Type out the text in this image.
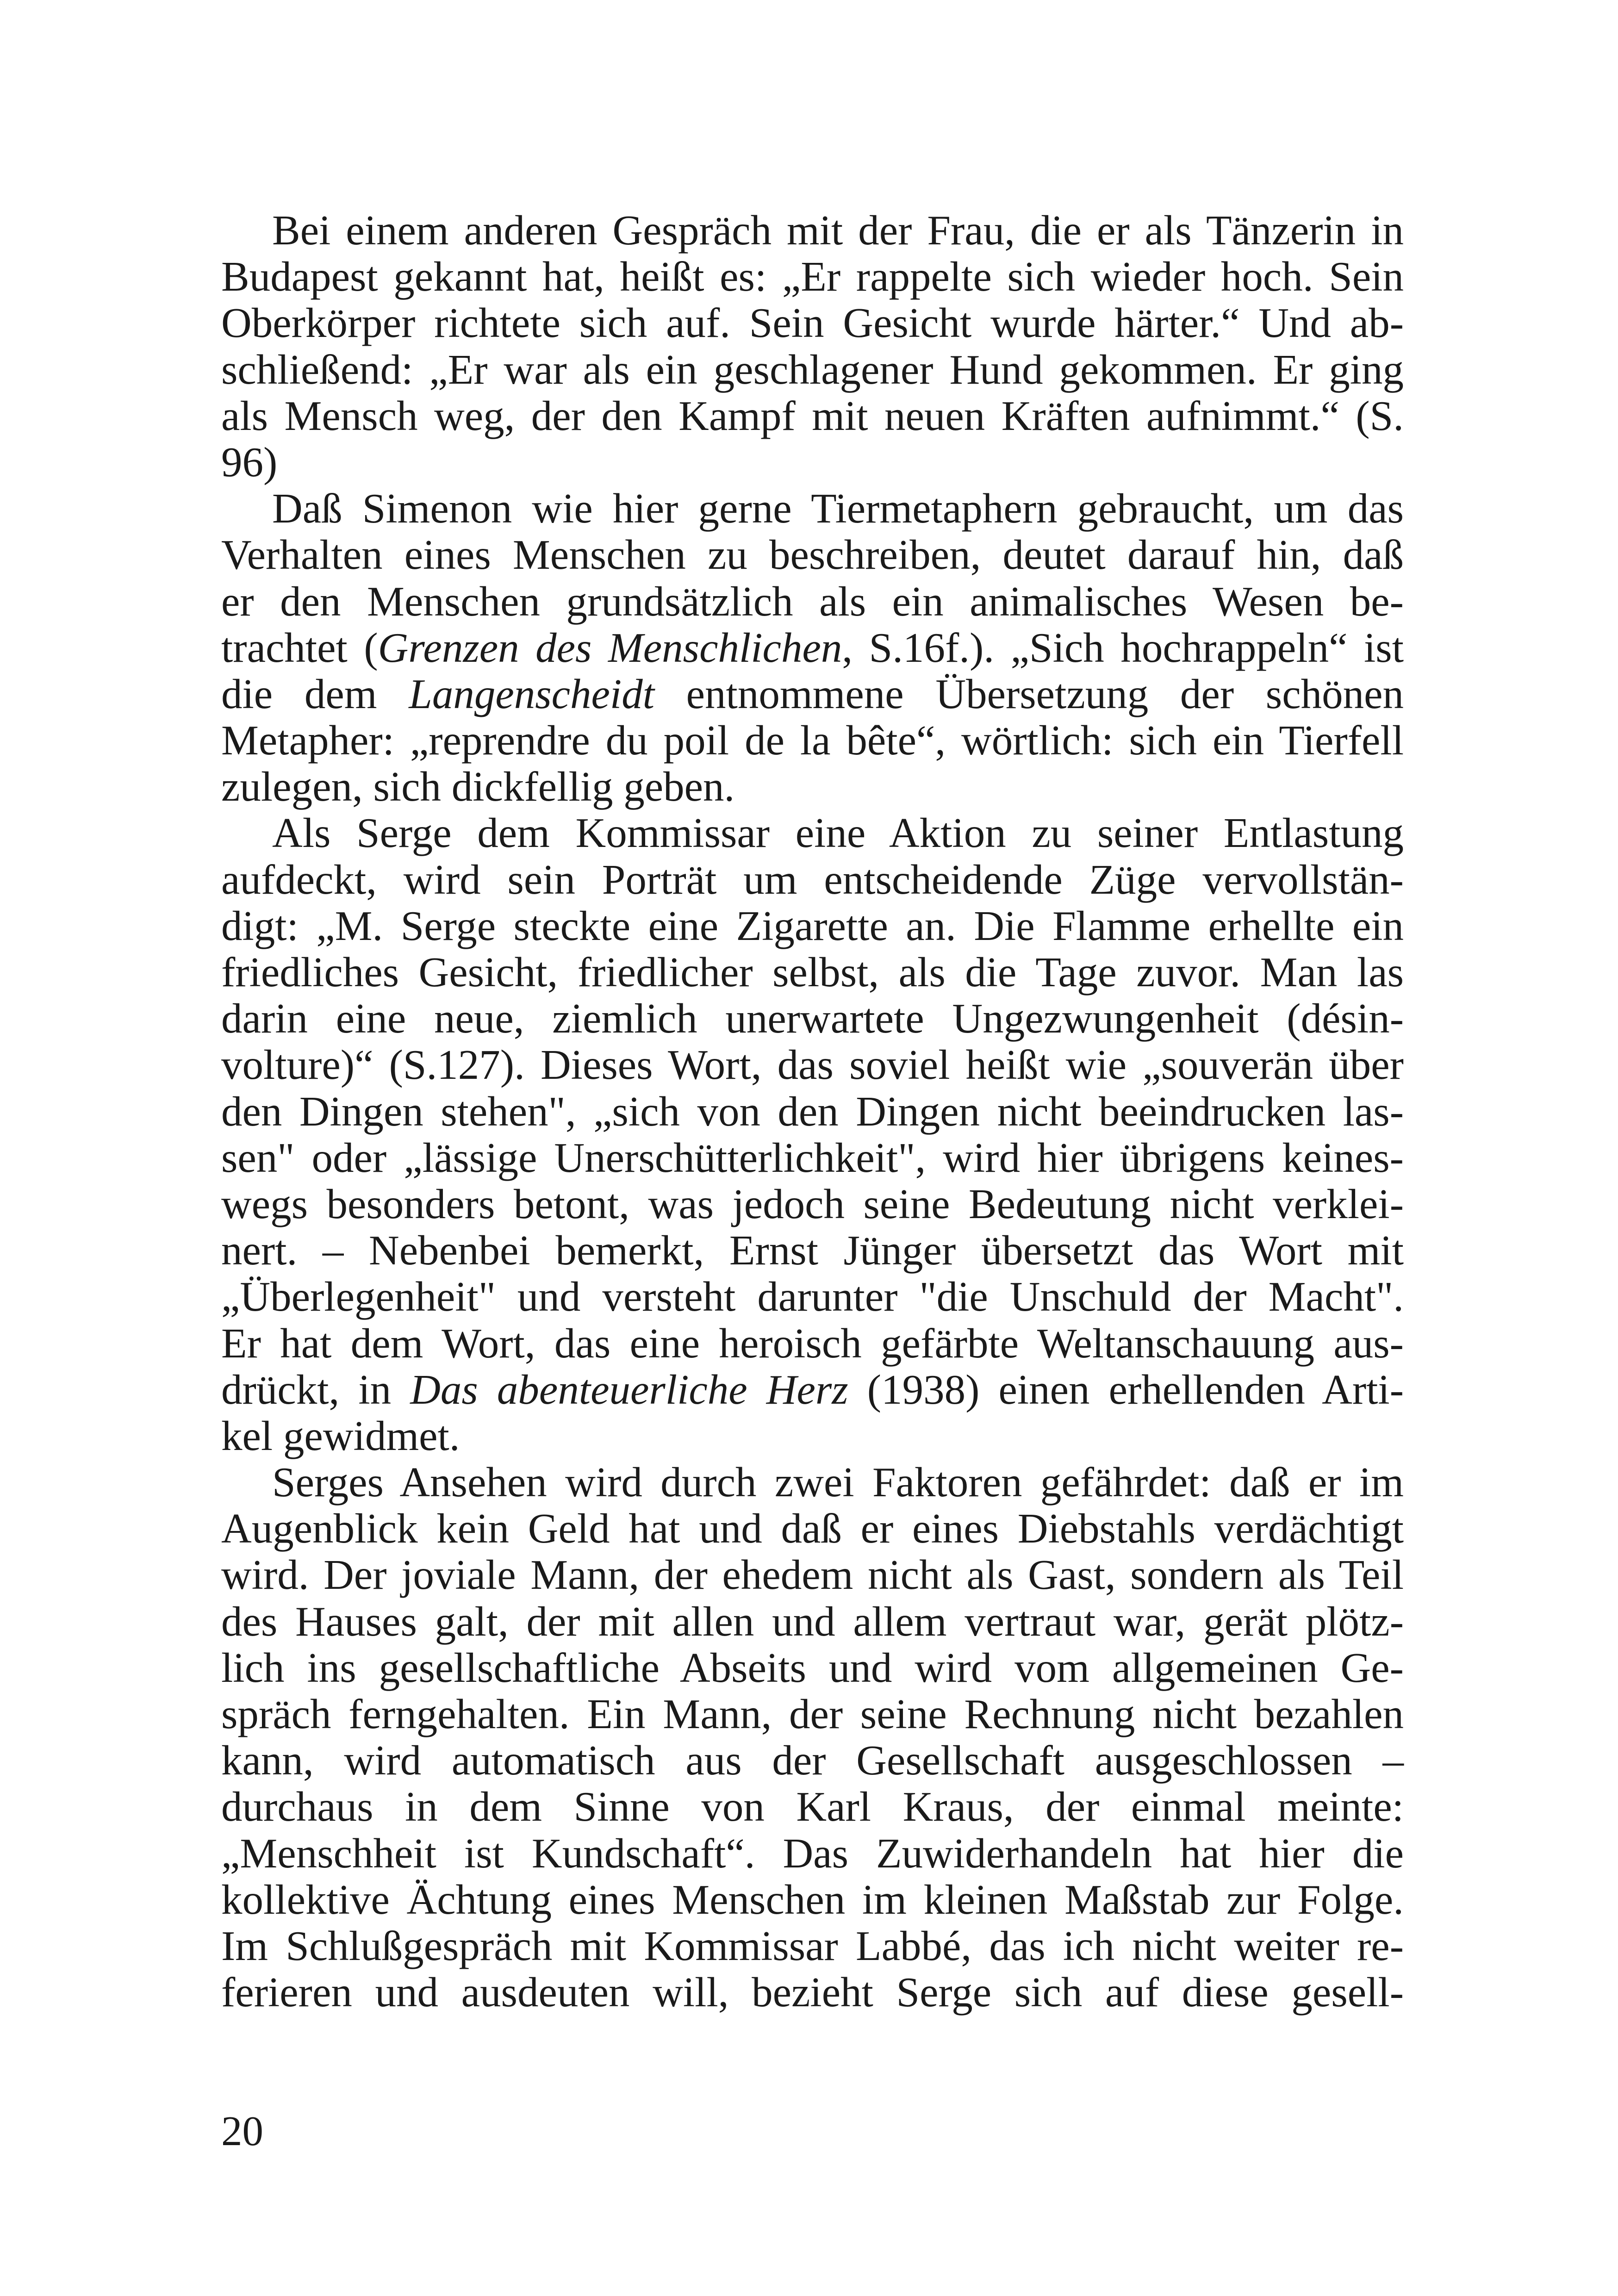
Bei einem anderen Gespräch mit der Frau, die er als Tänzerin in
Budapest gekannt hat, heißt es: „Er rappelte sich wieder hoch. Sein
Oberkörper richtete sich auf. Sein Gesicht wurde härter.“ Und ab-
schließend: „Er war als ein geschlagener Hund gekommen. Er ging
als Mensch weg, der den Kampf mit neuen Kräften aufnimmt.“ (S.
96)
Daß Simenon wie hier gerne Tiermetaphern gebraucht, um das
Verhalten eines Menschen zu beschreiben, deutet darauf hin, daß
er den Menschen grundsätzlich als ein animalisches Wesen be-
trachtet (Grenzen des Menschlichen, S.16f.). „Sich hochrappeln“ ist
die dem Langenscheidt entnommene Übersetzung der schönen
Metapher: „reprendre du poil de la bête“, wörtlich: sich ein Tierfell
zulegen, sich dickfellig geben.
Als Serge dem Kommissar eine Aktion zu seiner Entlastung
aufdeckt, wird sein Porträt um entscheidende Züge vervollstän-
digt: „M. Serge steckte eine Zigarette an. Die Flamme erhellte ein
friedliches Gesicht, friedlicher selbst, als die Tage zuvor. Man las
darin eine neue, ziemlich unerwartete Ungezwungenheit (désin-
volture)“ (S.127). Dieses Wort, das soviel heißt wie „souverän über
den Dingen stehen", „sich von den Dingen nicht beeindrucken las-
sen" oder „lässige Unerschütterlichkeit", wird hier übrigens keines-
wegs besonders betont, was jedoch seine Bedeutung nicht verklei-
nert. – Nebenbei bemerkt, Ernst Jünger übersetzt das Wort mit
„Überlegenheit" und versteht darunter "die Unschuld der Macht".
Er hat dem Wort, das eine heroisch gefärbte Weltanschauung aus-
drückt, in Das abenteuerliche Herz (1938) einen erhellenden Arti-
kel gewidmet.
Serges Ansehen wird durch zwei Faktoren gefährdet: daß er im
Augenblick kein Geld hat und daß er eines Diebstahls verdächtigt
wird. Der joviale Mann, der ehedem nicht als Gast, sondern als Teil
des Hauses galt, der mit allen und allem vertraut war, gerät plötz-
lich ins gesellschaftliche Abseits und wird vom allgemeinen Ge-
spräch ferngehalten. Ein Mann, der seine Rechnung nicht bezahlen
kann, wird automatisch aus der Gesellschaft ausgeschlossen –
durchaus in dem Sinne von Karl Kraus, der einmal meinte:
„Menschheit ist Kundschaft“. Das Zuwiderhandeln hat hier die
kollektive Ächtung eines Menschen im kleinen Maßstab zur Folge.
Im Schlußgespräch mit Kommissar Labbé, das ich nicht weiter re-
ferieren und ausdeuten will, bezieht Serge sich auf diese gesell-
20
